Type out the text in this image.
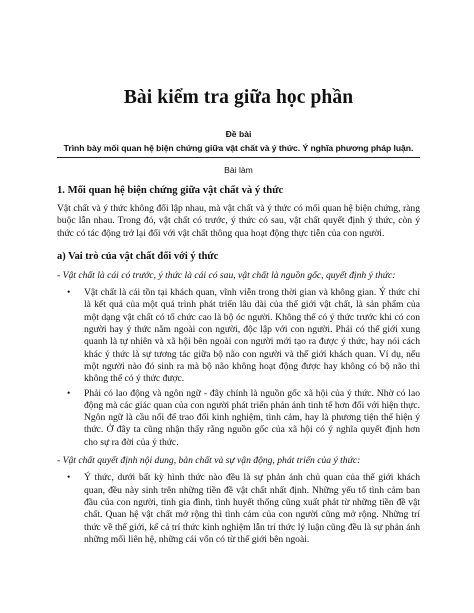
Bài kiểm tra giữa học phần
Đề bài
Trình bày mối quan hệ biện chứng giữa vật chất và ý thức. Ý nghĩa phương pháp luận.
Bài làm
1. Mối quan hệ biện chứng giữa vật chất và ý thức

Vật chất và ý thức không đối lập nhau, mà vật chất và ý thức có mối quan hệ biện chứng, ràng buộc lẫn nhau. Trong đó, vật chất có trước, ý thức có sau, vật chất quyết định ý thức, còn ý thức có tác động trở lại đối với vật chất thông qua hoạt động thực tiễn của con người.

a) Vai trò của vật chất đối với ý thức

- Vật chất là cái có trước, ý thức là cái có sau, vật chất là nguồn gốc, quyết định ý thức:

• Vật chất là cái tồn tại khách quan, vĩnh viễn trong thời gian và không gian. Ý thức chỉ là kết quả của một quá trình phát triển lâu dài của thế giới vật chất, là sản phẩm của một dạng vật chất có tổ chức cao là bộ óc người. Không thể có ý thức trước khi có con người hay ý thức nằm ngoài con người, độc lập với con người. Phải có thế giới xung quanh là tự nhiên và xã hội bên ngoài con người mới tạo ra được ý thức, hay nói cách khác ý thức là sự tương tác giữa bộ não con người và thế giới khách quan. Ví dụ, nếu một người nào đó sinh ra mà bộ não không hoạt động được hay không có bộ não thì không thể có ý thức được.
• Phải có lao động và ngôn ngữ - đây chính là nguồn gốc xã hội của ý thức. Nhờ có lao động mà các giác quan của con người phát triển phản ánh tinh tế hơn đối với hiện thực. Ngôn ngữ là cầu nối để trao đổi kinh nghiệm, tình cảm, hay là phương tiện thể hiện ý thức. Ở đây ta cũng nhận thấy rằng nguồn gốc của xã hội có ý nghĩa quyết định hơn cho sự ra đời của ý thức.

- Vật chất quyết định nội dung, bản chất và sự vận động, phát triển của ý thức:

• Ý thức, dưới bất kỳ hình thức nào đều là sự phản ánh chủ quan của thế giới khách quan, đều này sinh trên những tiền đề vật chất nhất định. Những yếu tố tình cảm ban đầu của con người, tinh gia đình, tình huyết thống cũng xuất phát từ những tiền đề vật chất. Quan hệ vật chất mở rộng thì tình cảm của con người cũng mở rộng. Những trí thức về thế giới, kể cả trí thức kinh nghiệm lẫn trí thức lý luận cũng đều là sự phản ánh những mối liên hệ, những cái vốn có từ thế giới bên ngoài.
